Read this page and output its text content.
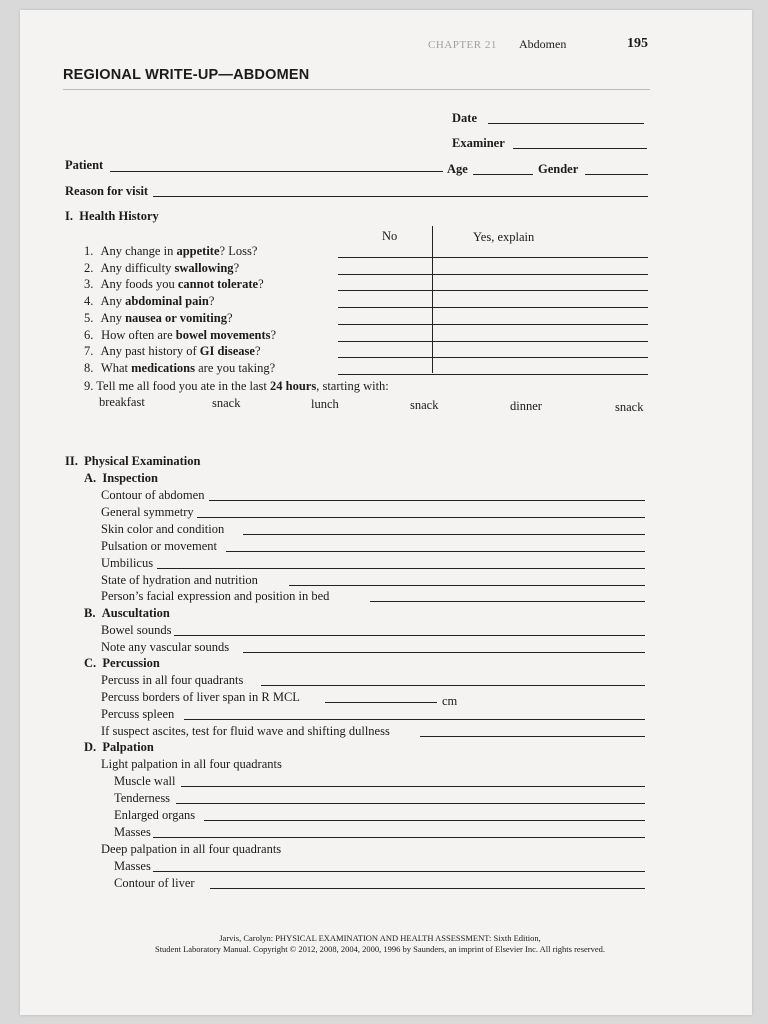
CHAPTER 21 Abdomen	195
REGIONAL WRITE-UP—ABDOMEN
Date
Examiner
Patient	Age	Gender
Reason for visit
I. Health History
No	Yes, explain
1. Any change in appetite? Loss?
2. Any difficulty swallowing?
3. Any foods you cannot tolerate?
4. Any abdominal pain?
5. Any nausea or vomiting?
6. How often are bowel movements?
7. Any past history of GI disease?
8. What medications are you taking?
9. Tell me all food you ate in the last 24 hours, starting with:
breakfast	snack	lunch	snack	dinner	snack
II. Physical Examination
A. Inspection
Contour of abdomen
General symmetry
Skin color and condition
Pulsation or movement
Umbilicus
State of hydration and nutrition
Person’s facial expression and position in bed
B. Auscultation
Bowel sounds
Note any vascular sounds
C. Percussion
Percuss in all four quadrants
Percuss borders of liver span in R MCL	cm
Percuss spleen
If suspect ascites, test for fluid wave and shifting dullness
D. Palpation
Light palpation in all four quadrants
Muscle wall
Tenderness
Enlarged organs
Masses
Deep palpation in all four quadrants
Masses
Contour of liver
Jarvis, Carolyn: PHYSICAL EXAMINATION AND HEALTH ASSESSMENT: Sixth Edition,
Student Laboratory Manual. Copyright © 2012, 2008, 2004, 2000, 1996 by Saunders, an imprint of Elsevier Inc. All rights reserved.
